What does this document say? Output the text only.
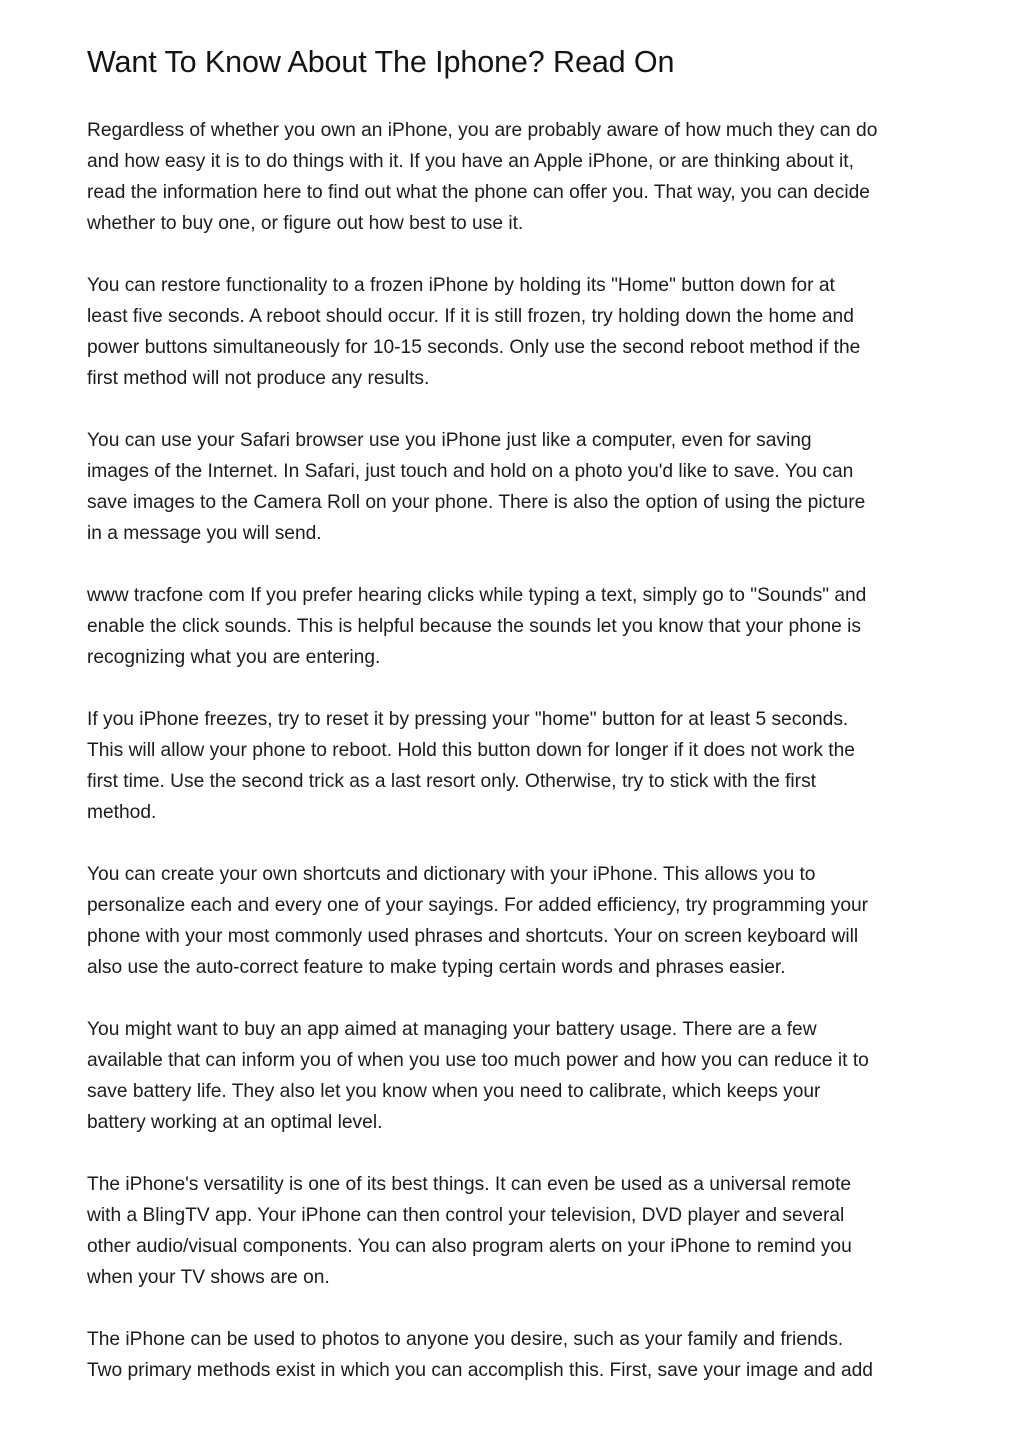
Want To Know About The Iphone? Read On

Regardless of whether you own an iPhone, you are probably aware of how much they can do
and how easy it is to do things with it. If you have an Apple iPhone, or are thinking about it,
read the information here to find out what the phone can offer you. That way, you can decide
whether to buy one, or figure out how best to use it.

You can restore functionality to a frozen iPhone by holding its "Home" button down for at
least five seconds. A reboot should occur. If it is still frozen, try holding down the home and
power buttons simultaneously for 10-15 seconds. Only use the second reboot method if the
first method will not produce any results.

You can use your Safari browser use you iPhone just like a computer, even for saving
images of the Internet. In Safari, just touch and hold on a photo you'd like to save. You can
save images to the Camera Roll on your phone. There is also the option of using the picture
in a message you will send.

www tracfone com If you prefer hearing clicks while typing a text, simply go to "Sounds" and
enable the click sounds. This is helpful because the sounds let you know that your phone is
recognizing what you are entering.

If you iPhone freezes, try to reset it by pressing your "home" button for at least 5 seconds.
This will allow your phone to reboot. Hold this button down for longer if it does not work the
first time. Use the second trick as a last resort only. Otherwise, try to stick with the first
method.

You can create your own shortcuts and dictionary with your iPhone. This allows you to
personalize each and every one of your sayings. For added efficiency, try programming your
phone with your most commonly used phrases and shortcuts. Your on screen keyboard will
also use the auto-correct feature to make typing certain words and phrases easier.

You might want to buy an app aimed at managing your battery usage. There are a few
available that can inform you of when you use too much power and how you can reduce it to
save battery life. They also let you know when you need to calibrate, which keeps your
battery working at an optimal level.

The iPhone's versatility is one of its best things. It can even be used as a universal remote
with a BlingTV app. Your iPhone can then control your television, DVD player and several
other audio/visual components. You can also program alerts on your iPhone to remind you
when your TV shows are on.

The iPhone can be used to photos to anyone you desire, such as your family and friends.
Two primary methods exist in which you can accomplish this. First, save your image and add
